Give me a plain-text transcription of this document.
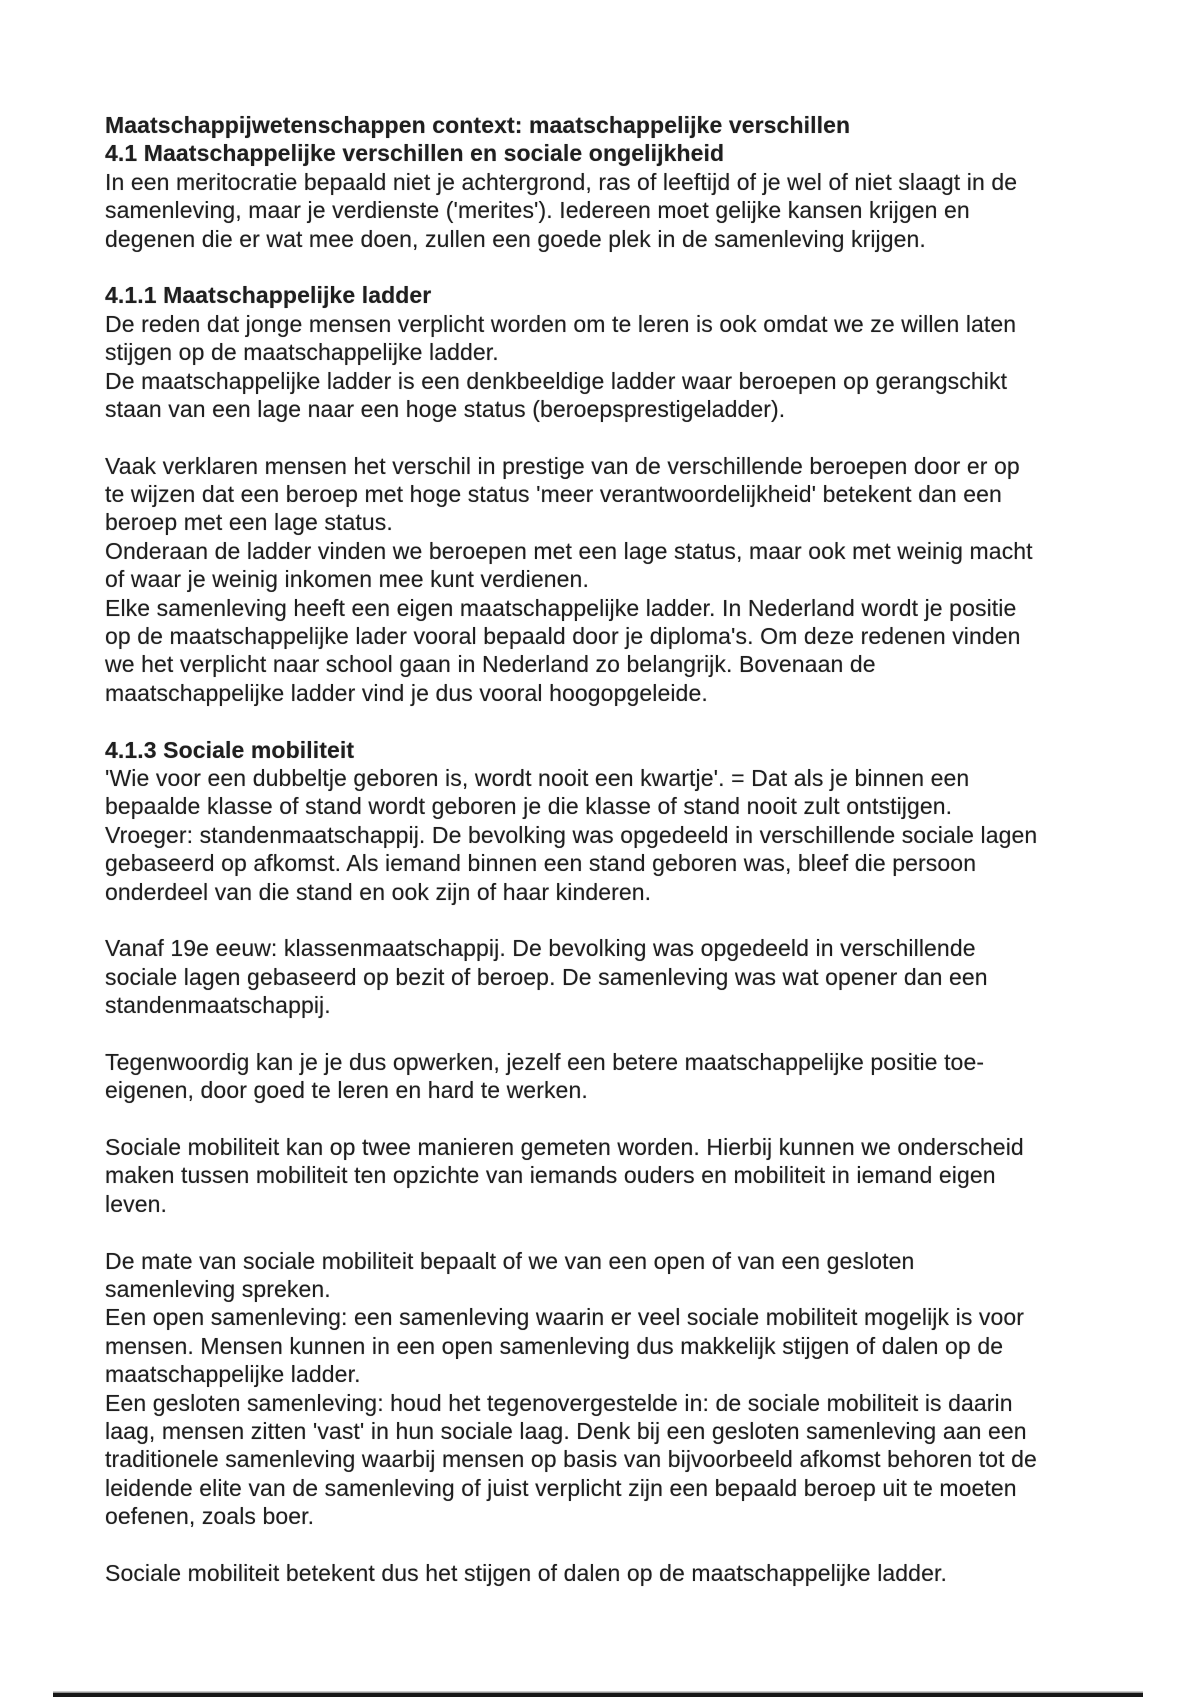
Maatschappijwetenschappen context: maatschappelijke verschillen
4.1 Maatschappelijke verschillen en sociale ongelijkheid
In een meritocratie bepaald niet je achtergrond, ras of leeftijd of je wel of niet slaagt in de
samenleving, maar je verdienste ('merites'). Iedereen moet gelijke kansen krijgen en
degenen die er wat mee doen, zullen een goede plek in de samenleving krijgen.
4.1.1 Maatschappelijke ladder
De reden dat jonge mensen verplicht worden om te leren is ook omdat we ze willen laten
stijgen op de maatschappelijke ladder.
De maatschappelijke ladder is een denkbeeldige ladder waar beroepen op gerangschikt
staan van een lage naar een hoge status (beroepsprestigeladder).
Vaak verklaren mensen het verschil in prestige van de verschillende beroepen door er op
te wijzen dat een beroep met hoge status 'meer verantwoordelijkheid' betekent dan een
beroep met een lage status.
Onderaan de ladder vinden we beroepen met een lage status, maar ook met weinig macht
of waar je weinig inkomen mee kunt verdienen.
Elke samenleving heeft een eigen maatschappelijke ladder. In Nederland wordt je positie
op de maatschappelijke lader vooral bepaald door je diploma's. Om deze redenen vinden
we het verplicht naar school gaan in Nederland zo belangrijk. Bovenaan de
maatschappelijke ladder vind je dus vooral hoogopgeleide.
4.1.3 Sociale mobiliteit
'Wie voor een dubbeltje geboren is, wordt nooit een kwartje'. = Dat als je binnen een
bepaalde klasse of stand wordt geboren je die klasse of stand nooit zult ontstijgen.
Vroeger: standenmaatschappij. De bevolking was opgedeeld in verschillende sociale lagen
gebaseerd op afkomst. Als iemand binnen een stand geboren was, bleef die persoon
onderdeel van die stand en ook zijn of haar kinderen.
Vanaf 19e eeuw: klassenmaatschappij. De bevolking was opgedeeld in verschillende
sociale lagen gebaseerd op bezit of beroep. De samenleving was wat opener dan een
standenmaatschappij.
Tegenwoordig kan je je dus opwerken, jezelf een betere maatschappelijke positie toe-
eigenen, door goed te leren en hard te werken.
Sociale mobiliteit kan op twee manieren gemeten worden. Hierbij kunnen we onderscheid
maken tussen mobiliteit ten opzichte van iemands ouders en mobiliteit in iemand eigen
leven.
De mate van sociale mobiliteit bepaalt of we van een open of van een gesloten
samenleving spreken.
Een open samenleving: een samenleving waarin er veel sociale mobiliteit mogelijk is voor
mensen. Mensen kunnen in een open samenleving dus makkelijk stijgen of dalen op de
maatschappelijke ladder.
Een gesloten samenleving: houd het tegenovergestelde in: de sociale mobiliteit is daarin
laag, mensen zitten 'vast' in hun sociale laag. Denk bij een gesloten samenleving aan een
traditionele samenleving waarbij mensen op basis van bijvoorbeeld afkomst behoren tot de
leidende elite van de samenleving of juist verplicht zijn een bepaald beroep uit te moeten
oefenen, zoals boer.
Sociale mobiliteit betekent dus het stijgen of dalen op de maatschappelijke ladder.
